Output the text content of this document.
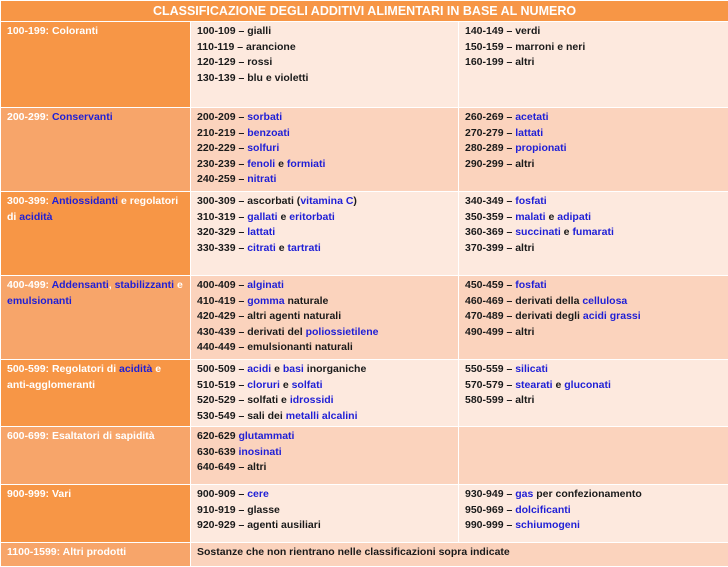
CLASSIFICAZIONE DEGLI ADDITIVI ALIMENTARI IN BASE AL NUMERO		
100-199: Coloranti	100-109 – gialli
110-119 – arancione
120-129 – rossi
130-139 – blu e violetti	140-149 – verdi
150-159 – marroni e neri
160-199 – altri

200-299: Conservanti	200-209 – sorbati
210-219 – benzoati
220-229 – solfuri
230-239 – fenoli e formiati
240-259 – nitrati	260-269 – acetati
270-279 – lattati
280-289 – propionati
290-299 – altri

300-399: Antiossidanti e regolatori di acidità	300-309 – ascorbati (vitamina C)
310-319 – gallati e eritorbati
320-329 – lattati
330-339 – citrati e tartrati	340-349 – fosfati
350-359 – malati e adipati
360-369 – succinati e fumarati
370-399 – altri

400-499: Addensanti, stabilizzanti e emulsionanti	400-409 – alginati
410-419 – gomma naturale
420-429 – altri agenti naturali
430-439 – derivati del poliossietilene
440-449 – emulsionanti naturali	450-459 – fosfati
460-469 – derivati della cellulosa
470-489 – derivati degli acidi grassi
490-499 – altri

500-599: Regolatori di acidità e anti-agglomeranti	500-509 – acidi e basi inorganiche
510-519 – cloruri e solfati
520-529 – solfati e idrossidi
530-549 – sali dei metalli alcalini	550-559 – silicati
570-579 – stearati e gluconati
580-599 – altri

600-699: Esaltatori di sapidità	620-629 glutammati
630-639 inosinati
640-649 – altri	

900-999: Vari	900-909 – cere
910-919 – glasse
920-929 – agenti ausiliari	930-949 – gas per confezionamento
950-969 – dolcificanti
990-999 – schiumogeni

1100-1599: Altri prodotti	Sostanze che non rientrano nelle classificazioni sopra indicate	
